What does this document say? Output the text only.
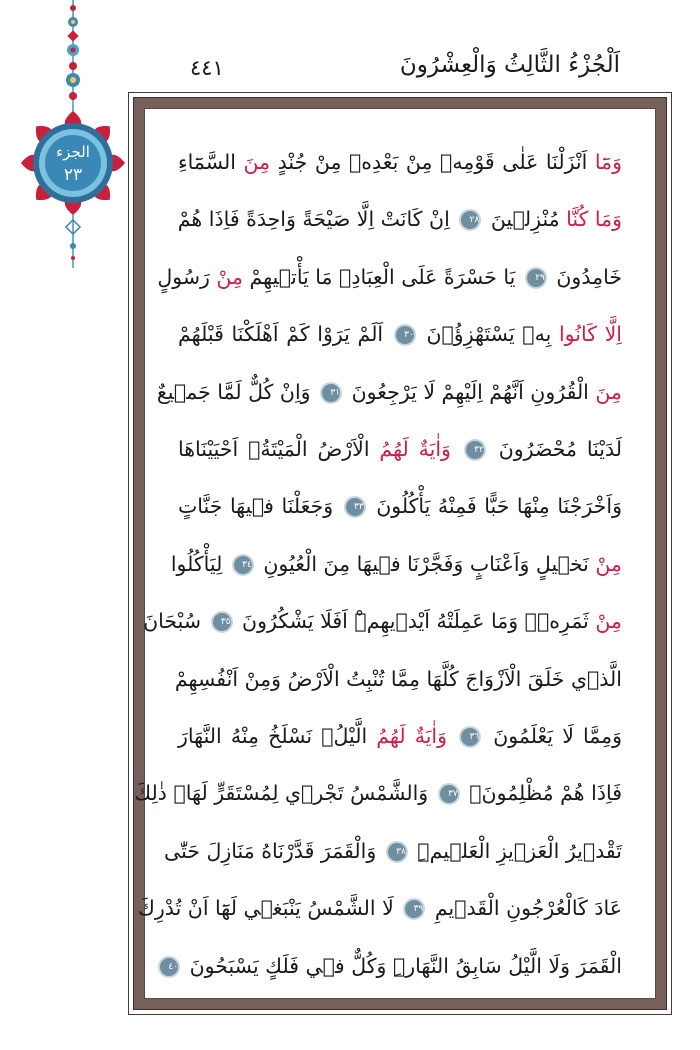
الجزء
٢٣
٤٤١	اَلْجُزْءُ الثَّالِثُ وَالْعِشْرُونَ
وَمَٓا اَنْزَلْنَا عَلٰى قَوْمِه۪ مِنْ بَعْدِه۪ مِنْ جُنْدٍ مِنَ السَّمَٓاءِ
وَمَا كُنَّا مُنْزِل۪ينَ ٢٨ اِنْ كَانَتْ اِلَّا صَيْحَةً وَاحِدَةً فَاِذَا هُمْ
خَامِدُونَ ٢٩ يَا حَسْرَةً عَلَى الْعِبَادِۚ مَا يَأْت۪يهِمْ مِنْ رَسُولٍ
اِلَّا كَانُوا بِه۪ يَسْتَهْزِؤُ۫نَ ٣٠ اَلَمْ يَرَوْا كَمْ اَهْلَكْنَا قَبْلَهُمْ
مِنَ الْقُرُونِ اَنَّهُمْ اِلَيْهِمْ لَا يَرْجِعُونَ ٣١ وَاِنْ كُلٌّ لَمَّا جَم۪يعٌ
لَدَيْنَا مُحْضَرُونَ ٣٢ وَاٰيَةٌ لَهُمُ الْاَرْضُ الْمَيْتَةُۚ اَحْيَيْنَاهَا
وَاَخْرَجْنَا مِنْهَا حَبًّا فَمِنْهُ يَأْكُلُونَ ٣٣ وَجَعَلْنَا ف۪يهَا جَنَّاتٍ
مِنْ نَخ۪يلٍ وَاَعْنَابٍ وَفَجَّرْنَا ف۪يهَا مِنَ الْعُيُونِ ٣٤ لِيَأْكُلُوا
مِنْ ثَمَرِه۪ۙ وَمَا عَمِلَتْهُ اَيْد۪يهِمْۜ اَفَلَا يَشْكُرُونَ ٣٥ سُبْحَانَ
الَّذ۪ي خَلَقَ الْاَزْوَاجَ كُلَّهَا مِمَّا تُنْبِتُ الْاَرْضُ وَمِنْ اَنْفُسِهِمْ
وَمِمَّا لَا يَعْلَمُونَ ٣٦ وَاٰيَةٌ لَهُمُ الَّيْلُۚ نَسْلَخُ مِنْهُ النَّهَارَ
فَاِذَا هُمْ مُظْلِمُونَۙ ٣٧ وَالشَّمْسُ تَجْر۪ي لِمُسْتَقَرٍّ لَهَاۜ ذٰلِكَ
تَقْد۪يرُ الْعَز۪يزِ الْعَل۪يمِۜ ٣٨ وَالْقَمَرَ قَدَّرْنَاهُ مَنَازِلَ حَتّٰى
عَادَ كَالْعُرْجُونِ الْقَد۪يمِ ٣٩ لَا الشَّمْسُ يَنْبَغ۪ي لَهَٓا اَنْ تُدْرِكَ
الْقَمَرَ وَلَا الَّيْلُ سَابِقُ النَّهَارِۜ وَكُلٌّ ف۪ي فَلَكٍ يَسْبَحُونَ ٤٠
